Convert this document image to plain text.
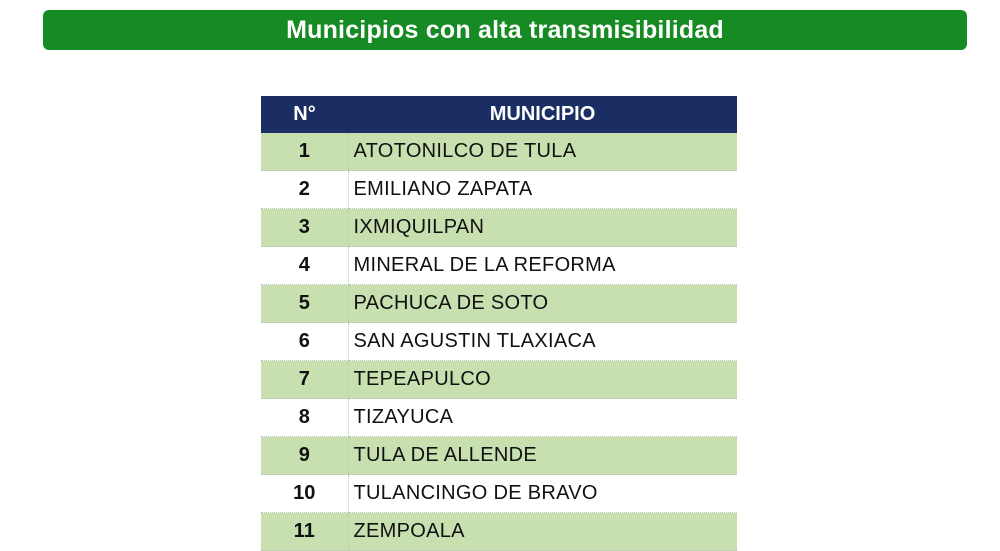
Municipios con alta transmisibilidad
N°	MUNICIPIO
1	ATOTONILCO DE TULA
2	EMILIANO ZAPATA
3	IXMIQUILPAN
4	MINERAL DE LA REFORMA
5	PACHUCA DE SOTO
6	SAN AGUSTIN TLAXIACA
7	TEPEAPULCO
8	TIZAYUCA
9	TULA DE ALLENDE
10	TULANCINGO DE BRAVO
11	ZEMPOALA
